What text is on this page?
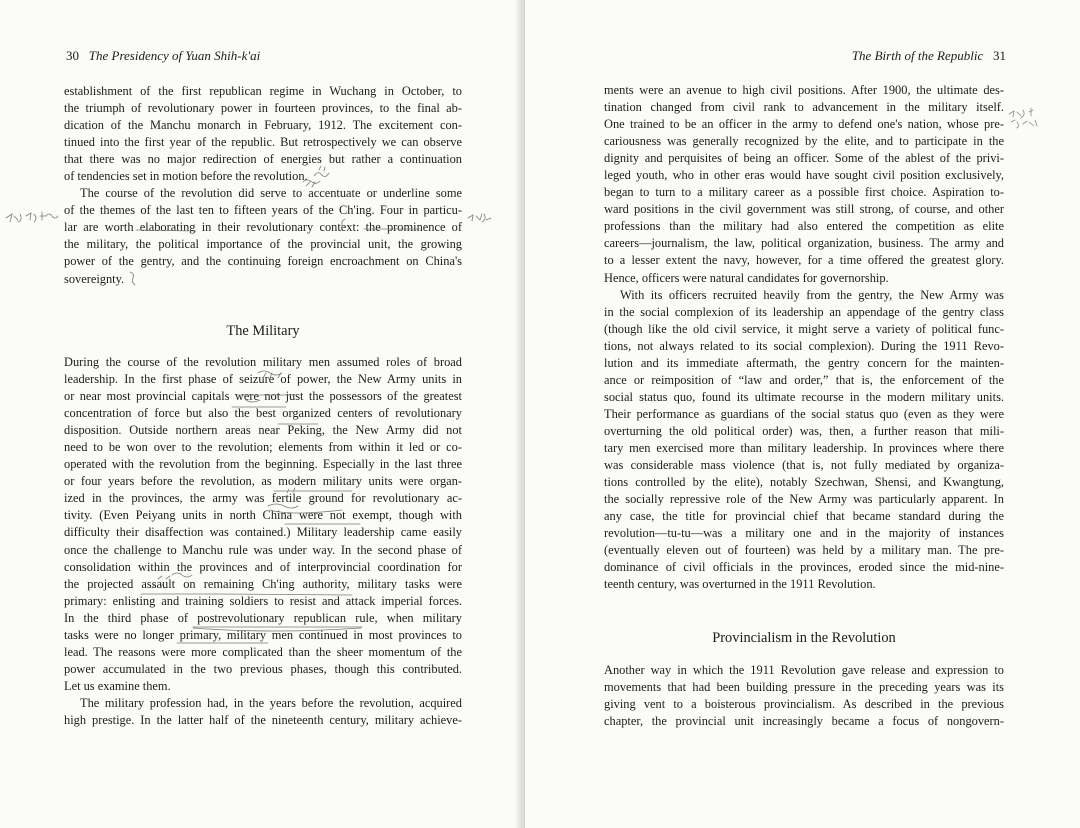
30 The Presidency of Yuan Shih-k'ai
establishment of the first republican regime in Wuchang in October, to
the triumph of revolutionary power in fourteen provinces, to the final ab-
dication of the Manchu monarch in February, 1912. The excitement con-
tinued into the first year of the republic. But retrospectively we can observe
that there was no major redirection of energies but rather a continuation
of tendencies set in motion before the revolution.
The course of the revolution did serve to accentuate or underline some
of the themes of the last ten to fifteen years of the Ch'ing. Four in particu-
lar are worth elaborating in their revolutionary context: the prominence of
the military, the political importance of the provincial unit, the growing
power of the gentry, and the continuing foreign encroachment on China's
sovereignty.
The Military
During the course of the revolution military men assumed roles of broad
leadership. In the first phase of seizure of power, the New Army units in
or near most provincial capitals were not just the possessors of the greatest
concentration of force but also the best organized centers of revolutionary
disposition. Outside northern areas near Peking, the New Army did not
need to be won over to the revolution; elements from within it led or co-
operated with the revolution from the beginning. Especially in the last three
or four years before the revolution, as modern military units were organ-
ized in the provinces, the army was fertile ground for revolutionary ac-
tivity. (Even Peiyang units in north China were not exempt, though with
difficulty their disaffection was contained.) Military leadership came easily
once the challenge to Manchu rule was under way. In the second phase of
consolidation within the provinces and of interprovincial coordination for
the projected assault on remaining Ch'ing authority, military tasks were
primary: enlisting and training soldiers to resist and attack imperial forces.
In the third phase of postrevolutionary republican rule, when military
tasks were no longer primary, military men continued in most provinces to
lead. The reasons were more complicated than the sheer momentum of the
power accumulated in the two previous phases, though this contributed.
Let us examine them.
The military profession had, in the years before the revolution, acquired
high prestige. In the latter half of the nineteenth century, military achieve-
The Birth of the Republic 31
ments were an avenue to high civil positions. After 1900, the ultimate des-
tination changed from civil rank to advancement in the military itself.
One trained to be an officer in the army to defend one's nation, whose pre-
cariousness was generally recognized by the elite, and to participate in the
dignity and perquisites of being an officer. Some of the ablest of the privi-
leged youth, who in other eras would have sought civil position exclusively,
began to turn to a military career as a possible first choice. Aspiration to-
ward positions in the civil government was still strong, of course, and other
professions than the military had also entered the competition as elite
careers—journalism, the law, political organization, business. The army and
to a lesser extent the navy, however, for a time offered the greatest glory.
Hence, officers were natural candidates for governorship.
With its officers recruited heavily from the gentry, the New Army was
in the social complexion of its leadership an appendage of the gentry class
(though like the old civil service, it might serve a variety of political func-
tions, not always related to its social complexion). During the 1911 Revo-
lution and its immediate aftermath, the gentry concern for the mainten-
ance or reimposition of “law and order,” that is, the enforcement of the
social status quo, found its ultimate recourse in the modern military units.
Their performance as guardians of the social status quo (even as they were
overturning the old political order) was, then, a further reason that mili-
tary men exercised more than military leadership. In provinces where there
was considerable mass violence (that is, not fully mediated by organiza-
tions controlled by the elite), notably Szechwan, Shensi, and Kwangtung,
the socially repressive role of the New Army was particularly apparent. In
any case, the title for provincial chief that became standard during the
revolution—tu-tu—was a military one and in the majority of instances
(eventually eleven out of fourteen) was held by a military man. The pre-
dominance of civil officials in the provinces, eroded since the mid-nine-
teenth century, was overturned in the 1911 Revolution.
Provincialism in the Revolution
Another way in which the 1911 Revolution gave release and expression to
movements that had been building pressure in the preceding years was its
giving vent to a boisterous provincialism. As described in the previous
chapter, the provincial unit increasingly became a focus of nongovern-
